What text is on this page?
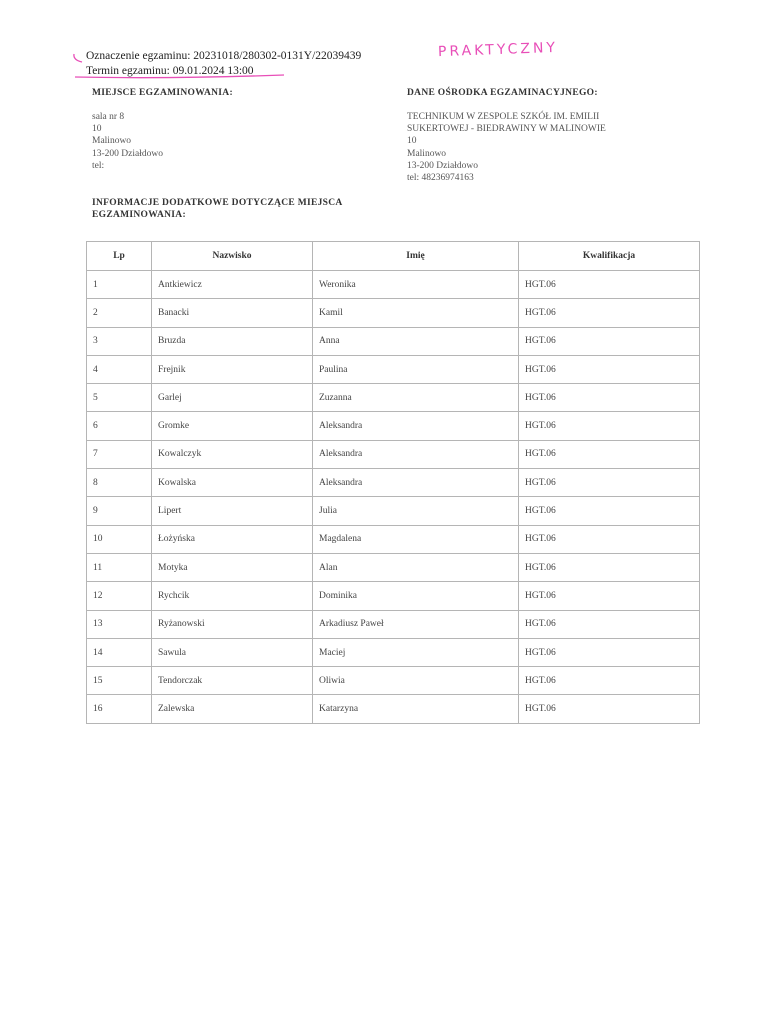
Oznaczenie egzaminu: 20231018/280302-0131Y/22039439
Termin egzaminu: 09.01.2024 13:00
PRAKTYCZNY
MIEJSCE EGZAMINOWANIA:
sala nr 8
10
Malinowo
13-200 Działdowo
tel:
DANE OŚRODKA EGZAMINACYJNEGO:
TECHNIKUM W ZESPOLE SZKÓŁ IM. EMILII
SUKERTOWEJ - BIEDRAWINY W MALINOWIE
10
Malinowo
13-200 Działdowo
tel: 48236974163
INFORMACJE DODATKOWE DOTYCZĄCE MIEJSCA EGZAMINOWANIA:
Lp	Nazwisko	Imię	Kwalifikacja
1	Antkiewicz	Weronika	HGT.06
2	Banacki	Kamil	HGT.06
3	Bruzda	Anna	HGT.06
4	Frejnik	Paulina	HGT.06
5	Garlej	Zuzanna	HGT.06
6	Gromke	Aleksandra	HGT.06
7	Kowalczyk	Aleksandra	HGT.06
8	Kowalska	Aleksandra	HGT.06
9	Lipert	Julia	HGT.06
10	Łożyńska	Magdalena	HGT.06
11	Motyka	Alan	HGT.06
12	Rychcik	Dominika	HGT.06
13	Ryżanowski	Arkadiusz Paweł	HGT.06
14	Sawula	Maciej	HGT.06
15	Tendorczak	Oliwia	HGT.06
16	Zalewska	Katarzyna	HGT.06
